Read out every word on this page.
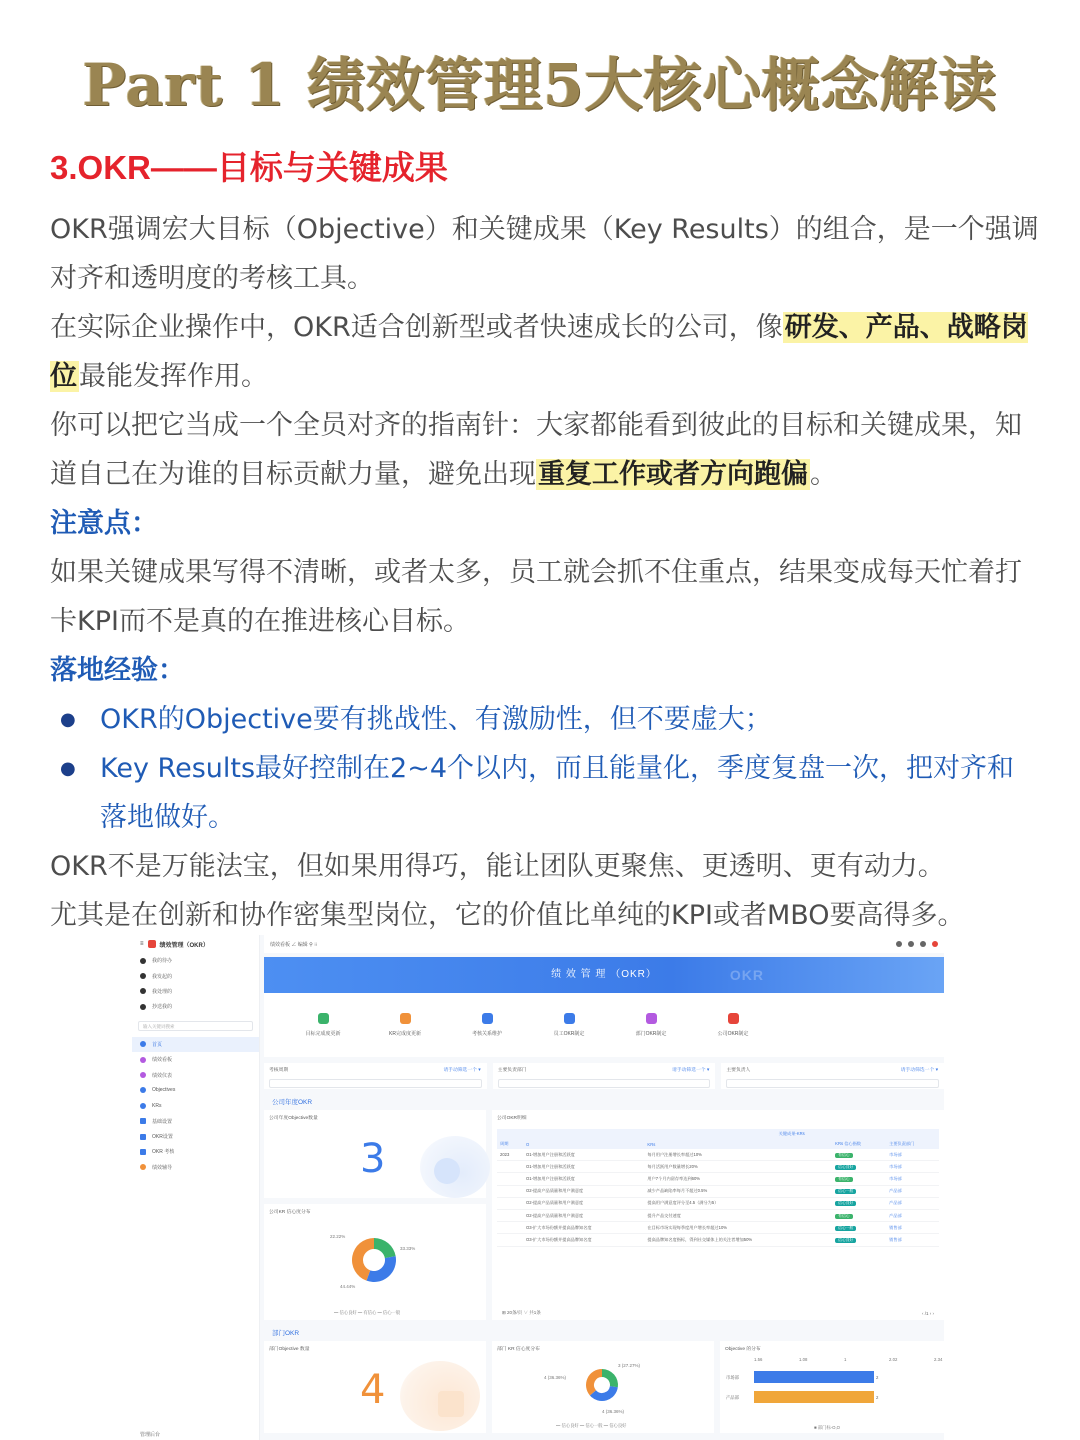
Part 1 绩效管理5大核心概念解读
3.OKR——目标与关键成果

OKR强调宏大目标（Objective）和关键成果（Key Results）的组合，是一个强调对齐和透明度的考核工具。

在实际企业操作中，OKR适合创新型或者快速成长的公司，像研发、产品、战略岗位最能发挥作用。

你可以把它当成一个全员对齐的指南针：大家都能看到彼此的目标和关键成果，知道自己在为谁的目标贡献力量，避免出现重复工作或者方向跑偏。

注意点：

如果关键成果写得不清晰，或者太多，员工就会抓不住重点，结果变成每天忙着打卡KPI而不是真的在推进核心目标。

落地经验：

● OKR的Objective要有挑战性、有激励性，但不要虚大；
● Key Results最好控制在2~4个以内，而且能量化，季度复盘一次，把对齐和落地做好。

OKR不是万能法宝，但如果用得巧，能让团队更聚焦、更透明、更有动力。

尤其是在创新和协作密集型岗位，它的价值比单纯的KPI或者MBO要高得多。

≡	绩效管理（OKR）
我的待办
我发起的
我处理的
抄送我的
输入关键词搜索
首页
绩效看板
绩效仪表
Objectives
KRs
基础设置
OKR设置
OKR 考核
绩效辅导
管理后台
绩效看板 ∠ 编辑 ⚲ ⁝⁝
绩 效 管 理 （OKR）	OKR
目标完成度更新	KR完成度更新	考核关系维护	员工OKR制定	部门OKR制定	公司OKR制定
考核周期	请手动筛选一个 ▾	主要负责部门	请手动筛选一个 ▾	主要负责人	请手动筛选一个 ▾
公司年度OKR
公司年度Objective数量
3
公司KR 信心度分布
22.22%
33.33%
44.44%
━ 信心良好 ━ 有信心 ━ 信心一般
公司OKR明细
		关键成果-KRs		
周期	O	KRs	KRs 信心指数	主要负责部门
2023	O1-增加用户注册和活跃度	每月用户注册增长率超过10%	有信心	市场部
	O1-增加用户注册和活跃度	每月活跃用户数量增长20%	信心良好	市场部
	O1-增加用户注册和活跃度	用户7个月内留存率达到60%	有信心	市场部
	O2-提高产品质量和用户满意度	减少产品缺陷率每月不超过0.5%	信心一般	产品部
	O2-提高产品质量和用户满意度	提高用户满意度评分至4.5（满分为5）	信心良好	产品部
	O2-提高产品质量和用户满意度	提升产品交付速度	有信心	产品部
	O3-扩大市场份额并提高品牌知名度	在目标市场实现每季度用户增长率超过10%	信心一般	销售部
	O3-扩大市场份额并提高品牌知名度	提高品牌知名度指标，得到社交媒体上的关注者增加50%	信心良好	销售部
⊞ 20条/页 ∨ 共1条	‹ /1 ‹ ›
部门OKR
部门Objective 数量
4
部门 KR 信心度分布
3 (27.27%)
4 (36.36%)
4 (36.36%)
━ 信心良好 ━ 信心一般 ━ 信心良好
Objective 的分布
1.56	1.08	1	2.02	2.34
市场部	2
产品部	2
■ 部门标-O,O
